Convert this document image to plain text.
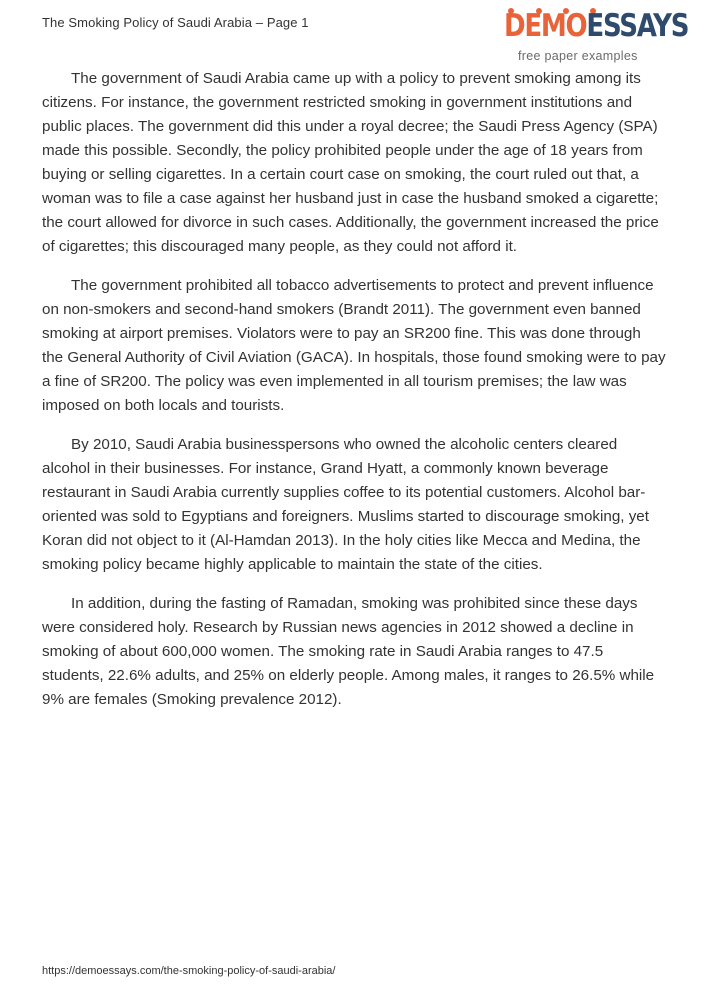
The Smoking Policy of Saudi Arabia – Page 1	DEMOESSAYS
free paper examples

The government of Saudi Arabia came up with a policy to prevent smoking among its citizens. For instance, the government restricted smoking in government institutions and public places. The government did this under a royal decree; the Saudi Press Agency (SPA) made this possible. Secondly, the policy prohibited people under the age of 18 years from buying or selling cigarettes. In a certain court case on smoking, the court ruled out that, a woman was to file a case against her husband just in case the husband smoked a cigarette; the court allowed for divorce in such cases. Additionally, the government increased the price of cigarettes; this discouraged many people, as they could not afford it.

The government prohibited all tobacco advertisements to protect and prevent influence on non-smokers and second-hand smokers (Brandt 2011). The government even banned smoking at airport premises. Violators were to pay an SR200 fine. This was done through the General Authority of Civil Aviation (GACA). In hospitals, those found smoking were to pay a fine of SR200. The policy was even implemented in all tourism premises; the law was imposed on both locals and tourists.

By 2010, Saudi Arabia businesspersons who owned the alcoholic centers cleared alcohol in their businesses. For instance, Grand Hyatt, a commonly known beverage restaurant in Saudi Arabia currently supplies coffee to its potential customers. Alcohol bar-oriented was sold to Egyptians and foreigners. Muslims started to discourage smoking, yet Koran did not object to it (Al-Hamdan 2013). In the holy cities like Mecca and Medina, the smoking policy became highly applicable to maintain the state of the cities.

In addition, during the fasting of Ramadan, smoking was prohibited since these days were considered holy. Research by Russian news agencies in 2012 showed a decline in smoking of about 600,000 women. The smoking rate in Saudi Arabia ranges to 47.5 students, 22.6% adults, and 25% on elderly people. Among males, it ranges to 26.5% while 9% are females (Smoking prevalence 2012).

https://demoessays.com/the-smoking-policy-of-saudi-arabia/
